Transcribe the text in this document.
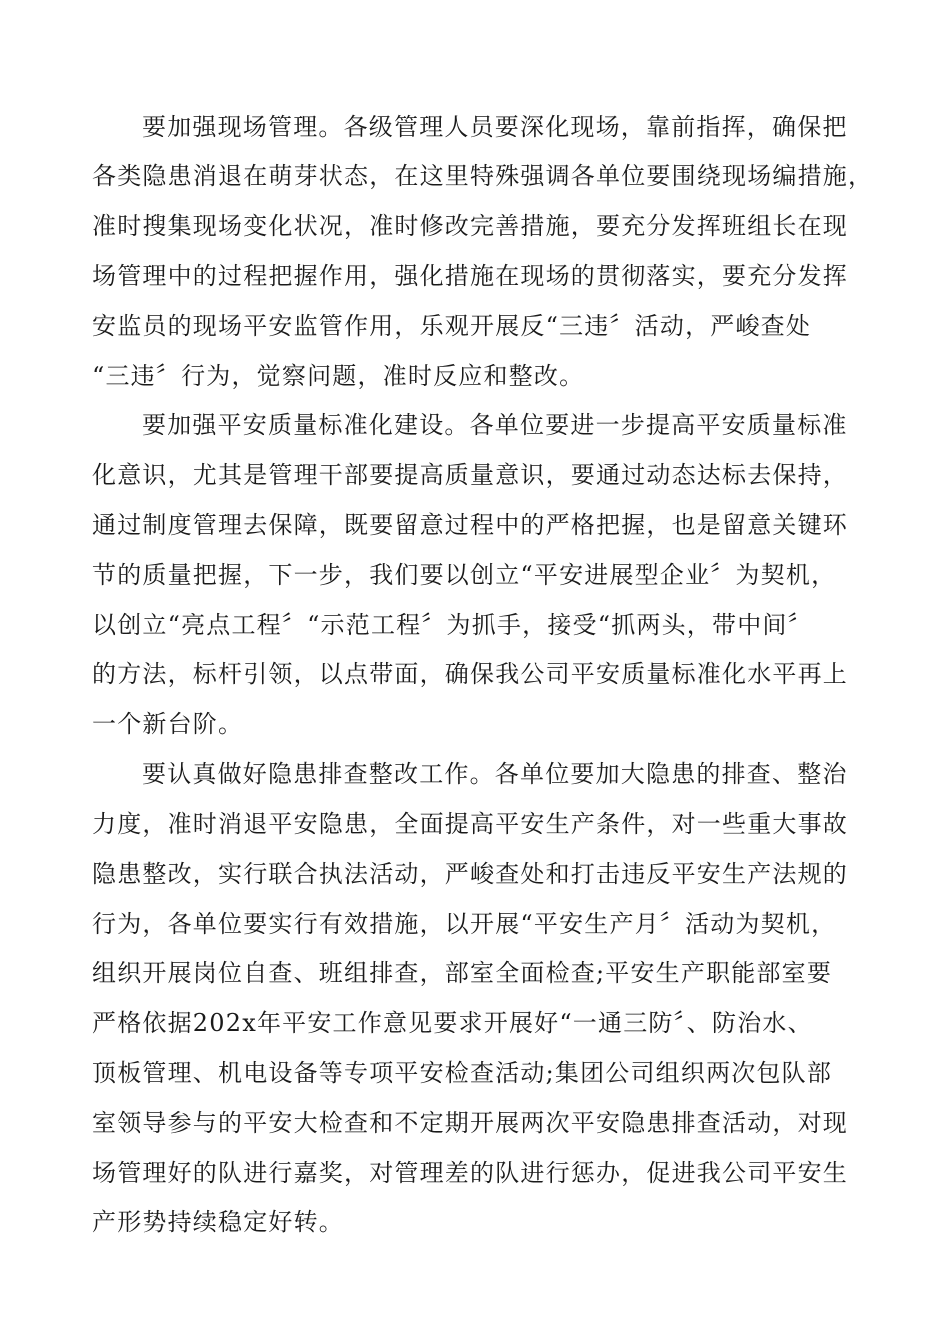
要加强现场管理。各级管理人员要深化现场，靠前指挥，确保把
各类隐患消退在萌芽状态，在这里特殊强调各单位要围绕现场编措施，
准时搜集现场变化状况，准时修改完善措施，要充分发挥班组长在现
场管理中的过程把握作用，强化措施在现场的贯彻落实，要充分发挥
安监员的现场平安监管作用，乐观开展反“三违〞活动，严峻查处
“三违〞行为，觉察问题，准时反应和整改。
要加强平安质量标准化建设。各单位要进一步提高平安质量标准
化意识，尤其是管理干部要提高质量意识，要通过动态达标去保持，
通过制度管理去保障，既要留意过程中的严格把握，也是留意关键环
节的质量把握，下一步，我们要以创立“平安进展型企业〞为契机，
以创立“亮点工程〞“示范工程〞为抓手，接受“抓两头，带中间〞
的方法，标杆引领，以点带面，确保我公司平安质量标准化水平再上
一个新台阶。
要认真做好隐患排查整改工作。各单位要加大隐患的排查、整治
力度，准时消退平安隐患，全面提高平安生产条件，对一些重大事故
隐患整改，实行联合执法活动，严峻查处和打击违反平安生产法规的
行为，各单位要实行有效措施，以开展“平安生产月〞活动为契机，
组织开展岗位自查、班组排查，部室全面检查;平安生产职能部室要
严格依据202x年平安工作意见要求开展好“一通三防〞、防治水、
顶板管理、机电设备等专项平安检查活动;集团公司组织两次包队部
室领导参与的平安大检查和不定期开展两次平安隐患排查活动，对现
场管理好的队进行嘉奖，对管理差的队进行惩办，促进我公司平安生
产形势持续稳定好转。
